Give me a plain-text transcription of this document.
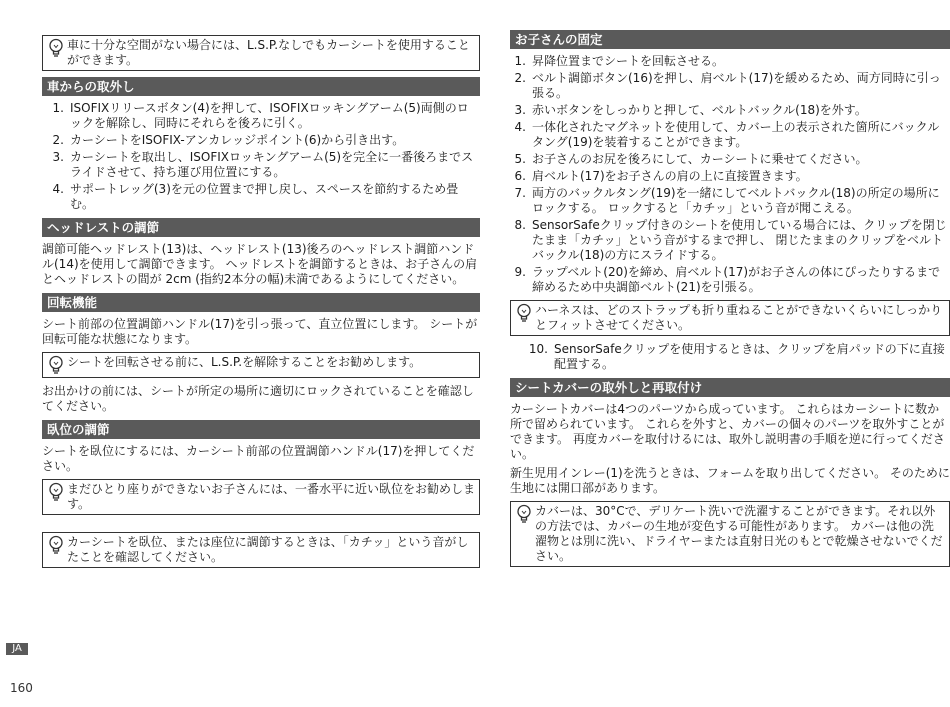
車に十分な空間がない場合には、L.S.P.なしでもカーシートを使用することができます。
車からの取外し
1. ISOFIXリリースボタン(4)を押して、ISOFIXロッキングアーム(5)両側のロックを解除し、同時にそれらを後ろに引く。
2. カーシートをISOFIX-アンカレッジポイント(6)から引き出す。
3. カーシートを取出し、ISOFIXロッキングアーム(5)を完全に一番後ろまでスライドさせて、持ち運び用位置にする。
4. サポートレッグ(3)を元の位置まで押し戻し、スペースを節約するため畳む。
ヘッドレストの調節
調節可能ヘッドレスト(13)は、ヘッドレスト(13)後ろのヘッドレスト調節ハンドル(14)を使用して調節できます。 ヘッドレストを調節するときは、お子さんの肩とヘッドレストの間が 2cm (指約2本分の幅)未満であるようにしてください。
回転機能
シート前部の位置調節ハンドル(17)を引っ張って、直立位置にします。 シートが回転可能な状態になります。
シートを回転させる前に、L.S.P.を解除することをお勧めします。
お出かけの前には、シートが所定の場所に適切にロックされていることを確認してください。
臥位の調節
シートを臥位にするには、カーシート前部の位置調節ハンドル(17)を押してください。
まだひとり座りができないお子さんには、一番水平に近い臥位をお勧めします。
カーシートを臥位、または座位に調節するときは、「カチッ」という音がしたことを確認してください。
お子さんの固定
1. 昇降位置までシートを回転させる。
2. ベルト調節ボタン(16)を押し、肩ベルト(17)を緩めるため、両方同時に引っ張る。
3. 赤いボタンをしっかりと押して、ベルトバックル(18)を外す。
4. 一体化されたマグネットを使用して、カバー上の表示された箇所にバックルタング(19)を装着することができます。
5. お子さんのお尻を後ろにして、カーシートに乗せてください。
6. 肩ベルト(17)をお子さんの肩の上に直接置きます。
7. 両方のバックルタング(19)を一緒にしてベルトバックル(18)の所定の場所にロックする。 ロックすると「カチッ」という音が聞こえる。
8. SensorSafeクリップ付きのシートを使用している場合には、クリップを閉じたまま「カチッ」という音がするまで押し、 閉じたままのクリップをベルトバックル(18)の方にスライドする。
9. ラップベルト(20)を締め、肩ベルト(17)がお子さんの体にぴったりするまで締めるため中央調節ベルト(21)を引張る。
ハーネスは、どのストラップも折り重ねることができないくらいにしっかりとフィットさせてください。
10. SensorSafeクリップを使用するときは、クリップを肩パッドの下に直接配置する。
シートカバーの取外しと再取付け
カーシートカバーは4つのパーツから成っています。 これらはカーシートに数か所で留められています。 これらを外すと、カバーの個々のパーツを取外すことができます。 再度カバーを取付けるには、取外し説明書の手順を逆に行ってください。
新生児用インレー(1)を洗うときは、フォームを取り出してください。 そのために生地には開口部があります。
カバーは、30°Cで、デリケート洗いで洗濯することができます。それ以外の方法では、カバーの生地が変色する可能性があります。 カバーは他の洗濯物とは別に洗い、ドライヤーまたは直射日光のもとで乾燥させないでください。
JA
160
